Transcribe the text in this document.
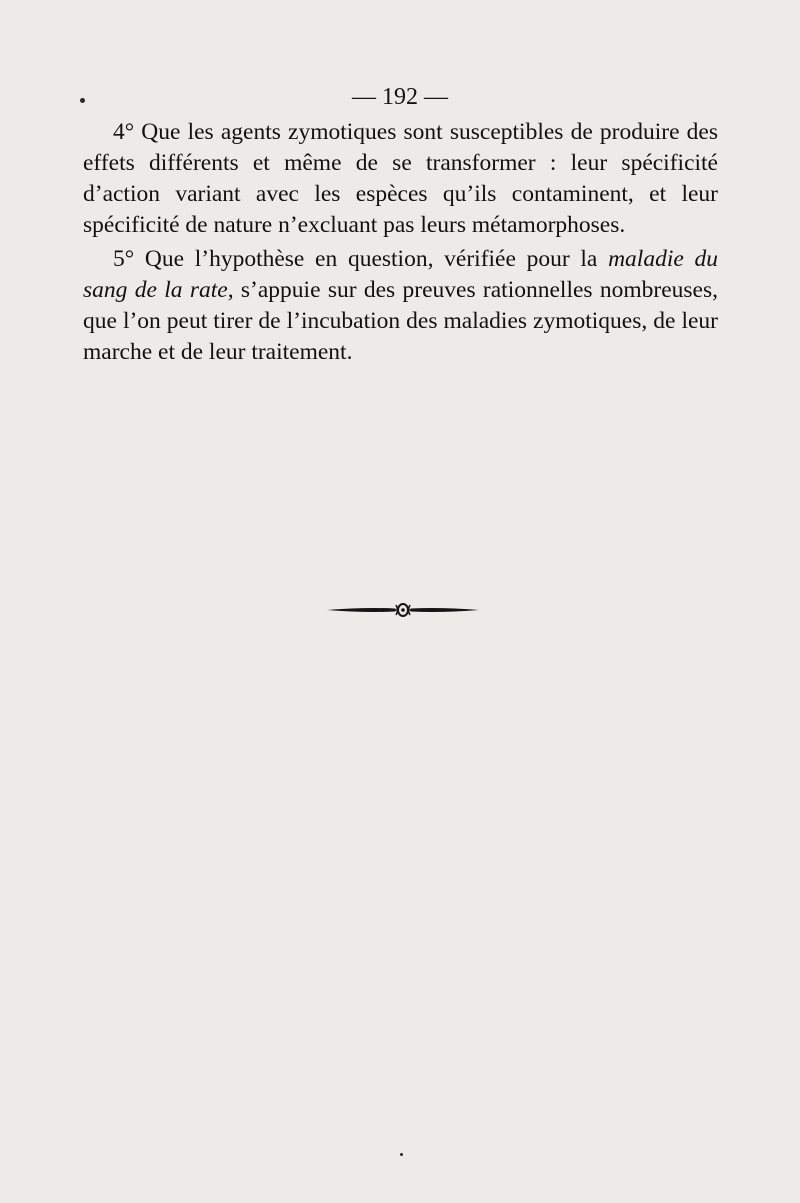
— 192 —

4° Que les agents zymotiques sont susceptibles de produire des effets différents et même de se transformer : leur spécificité d’action variant avec les espèces qu’ils contaminent, et leur spécificité de nature n’excluant pas leurs métamorphoses.

5° Que l’hypothèse en question, vérifiée pour la maladie du sang de la rate, s’appuie sur des preuves rationnelles nombreuses, que l’on peut tirer de l’incubation des maladies zymotiques, de leur marche et de leur traitement.
